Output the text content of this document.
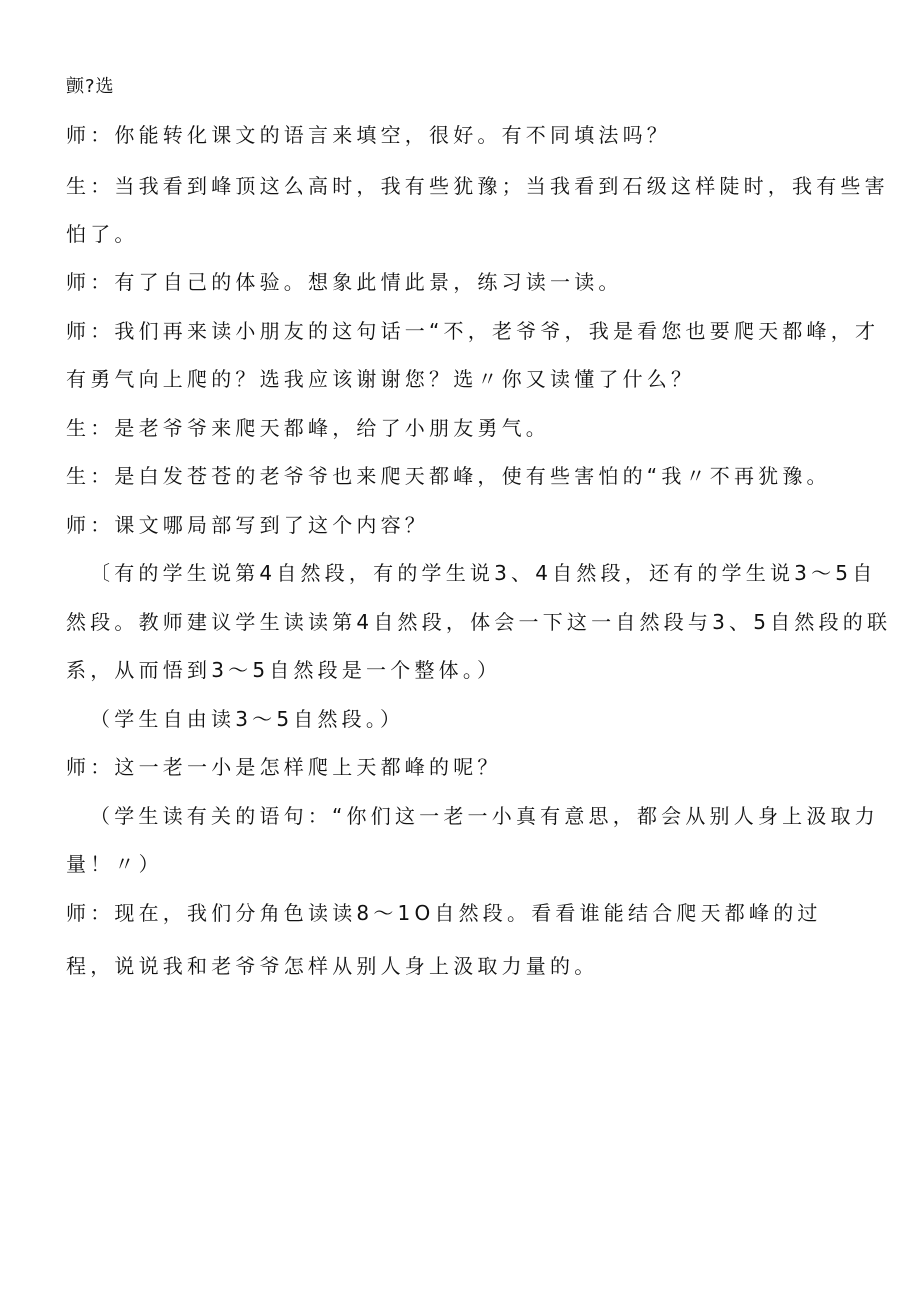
颤?选
师：你能转化课文的语言来填空，很好。有不同填法吗？
生：当我看到峰顶这么高时，我有些犹豫；当我看到石级这样陡时，我有些害
怕了。
师：有了自己的体验。想象此情此景，练习读一读。
师：我们再来读小朋友的这句话一“不，老爷爷，我是看您也要爬天都峰，才
有勇气向上爬的？选我应该谢谢您？选〃你又读懂了什么？
生：是老爷爷来爬天都峰，给了小朋友勇气。
生：是白发苍苍的老爷爷也来爬天都峰，使有些害怕的“我〃不再犹豫。
师：课文哪局部写到了这个内容？
〔有的学生说第4自然段，有的学生说3、4自然段，还有的学生说3～5自
然段。教师建议学生读读第4自然段，体会一下这一自然段与3、5自然段的联
系，从而悟到3～5自然段是一个整体。）
（学生自由读3～5自然段。）
师：这一老一小是怎样爬上天都峰的呢？
（学生读有关的语句：“你们这一老一小真有意思，都会从别人身上汲取力
量！〃）
师：现在，我们分角色读读8～1O自然段。看看谁能结合爬天都峰的过
程，说说我和老爷爷怎样从别人身上汲取力量的。
